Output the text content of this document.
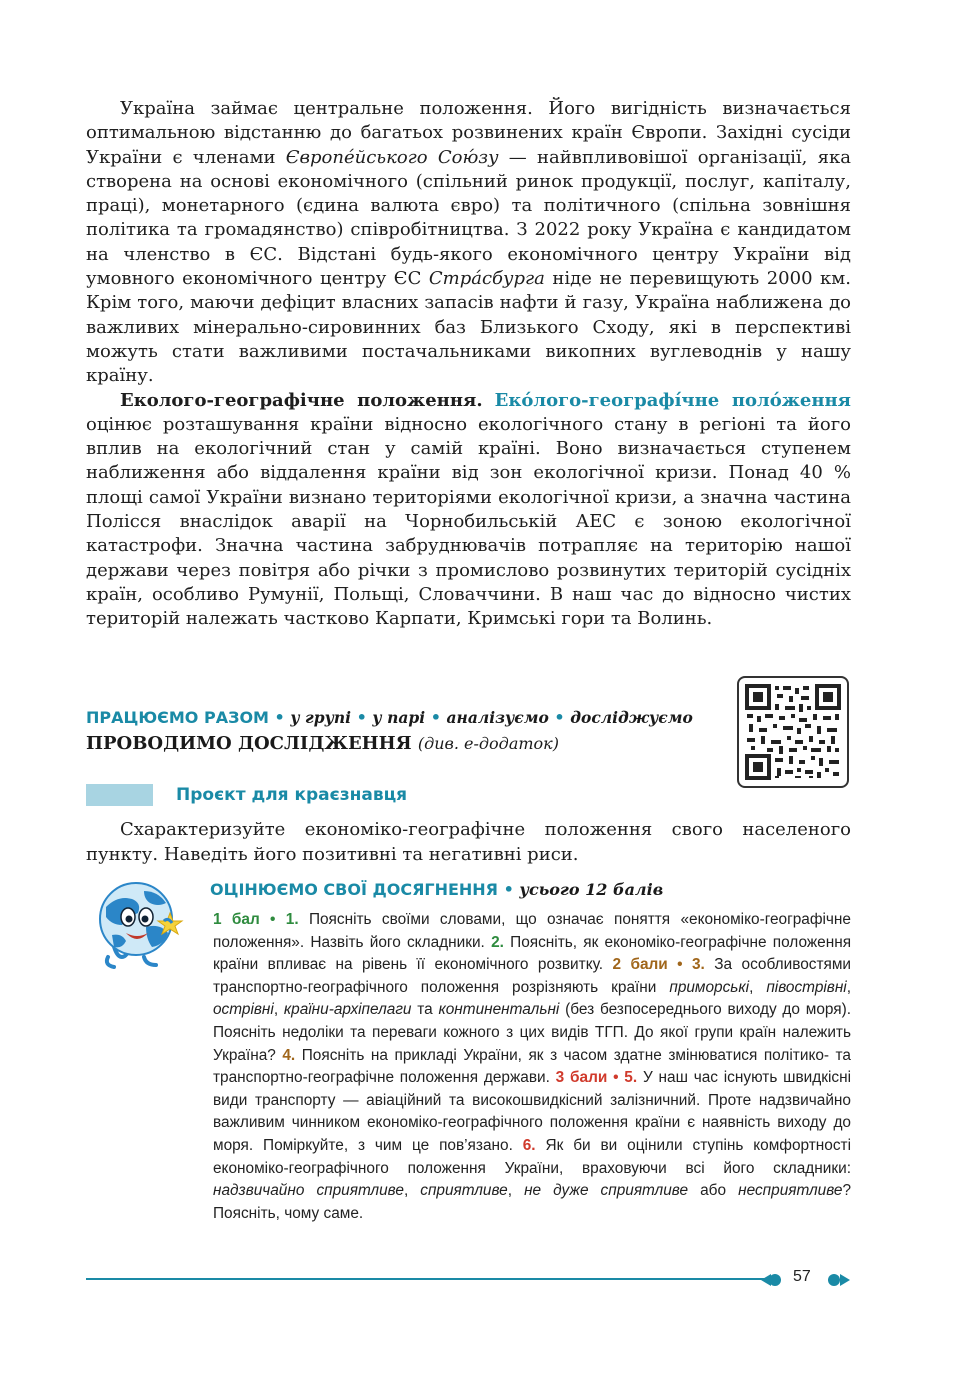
Україна займає центральне положення. Його вигідність визначається оптимальною відстанню до багатьох розвинених країн Європи. Західні сусіди України є членами Європе́йського Сою́зу — найвпливовішої організації, яка створена на основі економічного (спільний ринок продукції, послуг, капіталу, праці), монетарного (єдина валюта євро) та політичного (спільна зовнішня політика та громадянство) співробітництва. З 2022 року Україна є кандидатом на членство в ЄС. Відстані будь-якого економічного центру України від умовного економічного центру ЄС Стра́сбурга ніде не перевищують 2000 км. Крім того, маючи дефіцит власних запасів нафти й газу, Україна наближена до важливих мінерально-сировинних баз Близького Сходу, які в перспективі можуть стати важливими постачальниками викопних вуглеводнів у нашу країну.

Еколого-географічне положення. Еко́лого-географі́чне поло́ження оцінює розташування країни відносно екологічного стану в регіоні та його вплив на екологічний стан у самій країні. Воно визначається ступенем наближення або віддалення країни від зон екологічної кризи. Понад 40 % площі самої України визнано територіями екологічної кризи, а значна частина Полісся внаслідок аварії на Чорнобильській АЕС є зоною екологічної катастрофи. Значна частина забруднювачів потрапляє на територію нашої держави через повітря або річки з промислово розвинутих територій сусідніх країн, особливо Румунії, Польщі, Словаччини. В наш час до відносно чистих територій належать частково Карпати, Кримські гори та Волинь.

ПРАЦЮЄМО РАЗОМ • у групі • у парі • аналізуємо • досліджуємо
ПРОВОДИМО ДОСЛІДЖЕННЯ (див. е-додаток)
Проєкт для краєзнавця

Схарактеризуйте економіко-географічне положення свого населеного пункту. Наведіть його позитивні та негативні риси.

ОЦІНЮЄМО СВОЇ ДОСЯГНЕННЯ • усього 12 балів
1 бал • 1. Поясніть своїми словами, що означає поняття «економіко-географічне положення». Назвіть його складники. 2. Поясніть, як економіко-географічне положення країни впливає на рівень її економічного розвитку. 2 бали • 3. За особливостями транспортно-географічного положення розрізняють країни приморські, півострівні, острівні, країни-архіпелаги та континентальні (без безпосереднього виходу до моря). Поясніть недоліки та переваги кожного з цих видів ТГП. До якої групи країн належить Україна? 4. Поясніть на прикладі України, як з часом здатне змінюватися політико- та транспортно-географічне положення держави. 3 бали • 5. У наш час існують швидкісні види транспорту — авіаційний та високошвидкісний залізничний. Проте надзвичайно важливим чинником економіко-географічного положення країни є наявність виходу до моря. Поміркуйте, з чим це пов’язано. 6. Як би ви оцінили ступінь комфортності економіко-географічного положення України, враховуючи всі його складники: надзвичайно сприятливе, сприятливе, не дуже сприятливе або несприятливе? Поясніть, чому саме.
57
